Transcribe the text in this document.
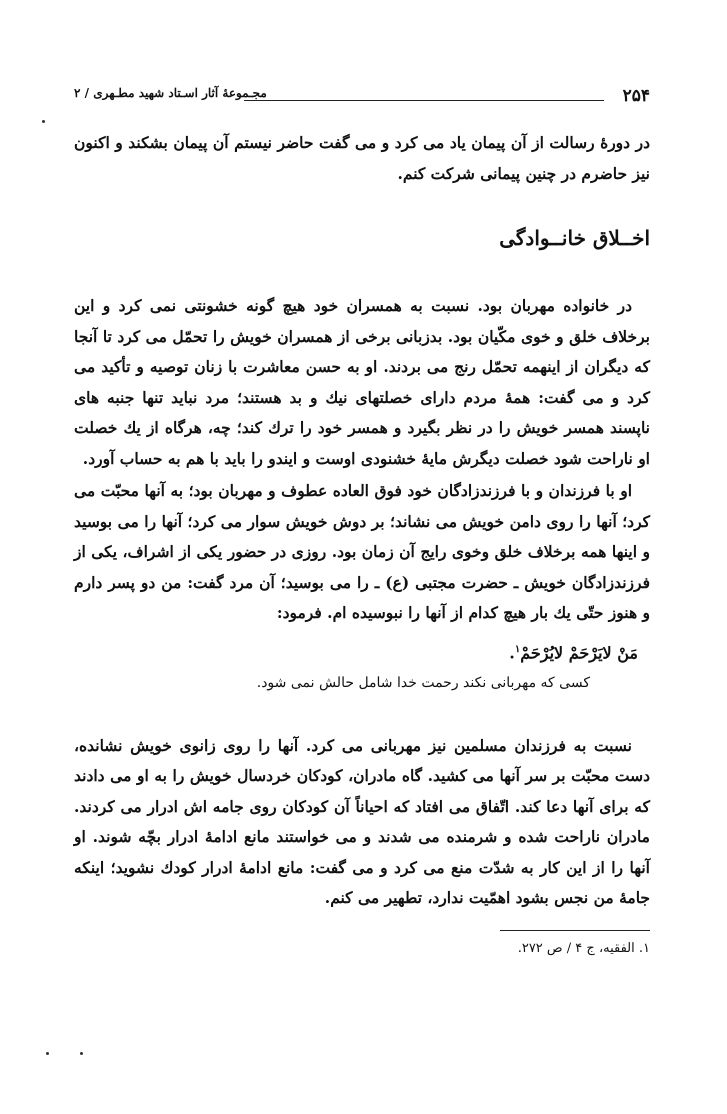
۲۵۴
مجـموعهٔ آثار اسـتاد شهید مطـهری / ۲

در دورهٔ رسالت از آن پیمان یاد می کرد و می گفت حاضر نیستم آن پیمان بشکند و اکنون نیز حاضرم در چنین پیمانی شرکت کنم.

اخــلاق خانــوادگی

در خانواده مهربان بود. نسبت به همسران خود هیچ گونه خشونتی نمی کرد و این برخلاف خلق و خوی مکّیان بود. بدزبانی برخی از همسران خویش را تحمّل می کرد تا آنجا که دیگران از اینهمه تحمّل رنج می بردند. او به حسن معاشرت با زنان توصیه و تأکید می کرد و می گفت: همهٔ مردم دارای خصلتهای نیك و بد هستند؛ مرد نباید تنها جنبه های ناپسند همسر خویش را در نظر بگیرد و همسر خود را ترك كند؛ چه، هرگاه از یك خصلت او ناراحت شود خصلت دیگرش مایهٔ خشنودی اوست و ایندو را باید با هم به حساب آورد.

او با فرزندان و با فرزندزادگان خود فوق العاده عطوف و مهربان بود؛ به آنها محبّت می کرد؛ آنها را روی دامن خویش می نشاند؛ بر دوش خویش سوار می کرد؛ آنها را می بوسید و اینها همه برخلاف خلق وخوی رایج آن زمان بود. روزی در حضور یکی از اشراف، یکی از فرزندزادگان خویش ـ حضرت مجتبی (ع) ـ را می بوسید؛ آن مرد گفت: من دو پسر دارم و هنوز حتّی یك بار هیچ كدام از آنها را نبوسیده ام. فرمود:

مَنْ لایَرْحَمْ لایُرْحَمْ$^۱$.

کسی که مهربانی نکند رحمت خدا شامل حالش نمی شود.

نسبت به فرزندان مسلمین نیز مهربانی می کرد. آنها را روی زانوی خویش نشانده، دست محبّت بر سر آنها می کشید. گاه مادران، کودکان خردسال خویش را به او می دادند که برای آنها دعا کند. اتّفاق می افتاد که احیاناً آن کودکان روی جامه اش ادرار می کردند. مادران ناراحت شده و شرمنده می شدند و می خواستند مانع ادامهٔ ادرار بچّه شوند. او آنها را از این کار به شدّت منع می کرد و می گفت: مانع ادامهٔ ادرار کودك نشوید؛ اینکه جامهٔ من نجس بشود اهمّیت ندارد، تطهیر می کنم.

۱. الفقیه، ج ۴ / ص ۲۷۲.
